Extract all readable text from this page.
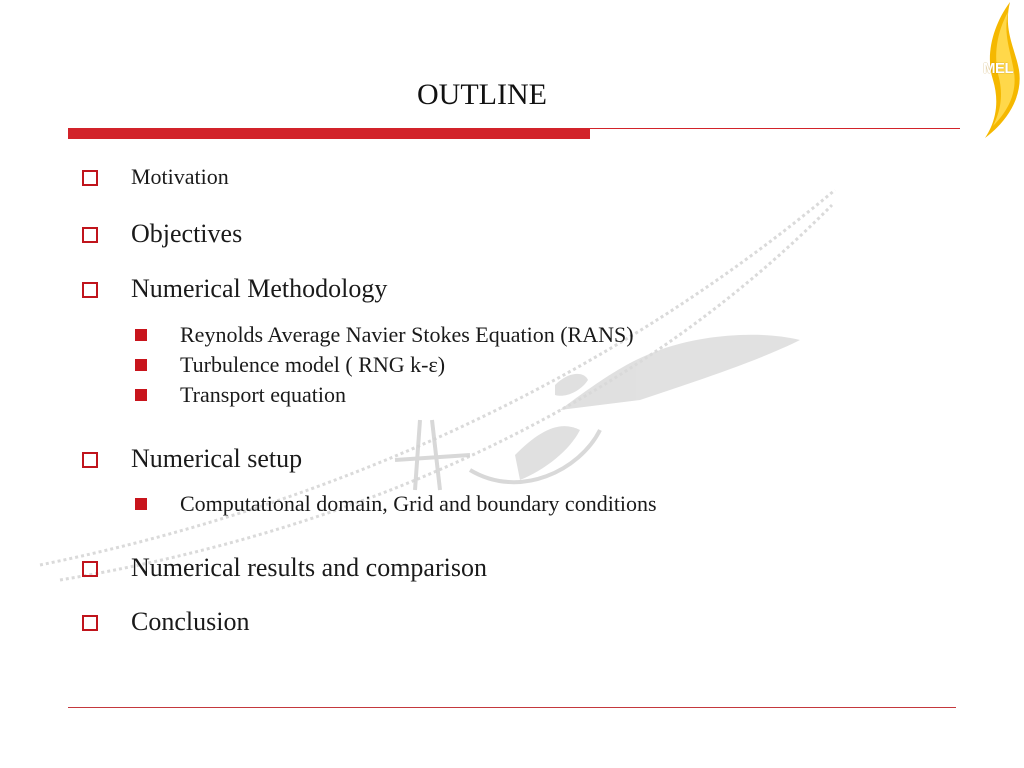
MEL
OUTLINE
Motivation
Objectives
Numerical Methodology
Reynolds Average Navier Stokes Equation (RANS)
Turbulence model ( RNG k-ε)
Transport equation
Numerical setup
Computational domain, Grid and boundary conditions
Numerical results and comparison
Conclusion
